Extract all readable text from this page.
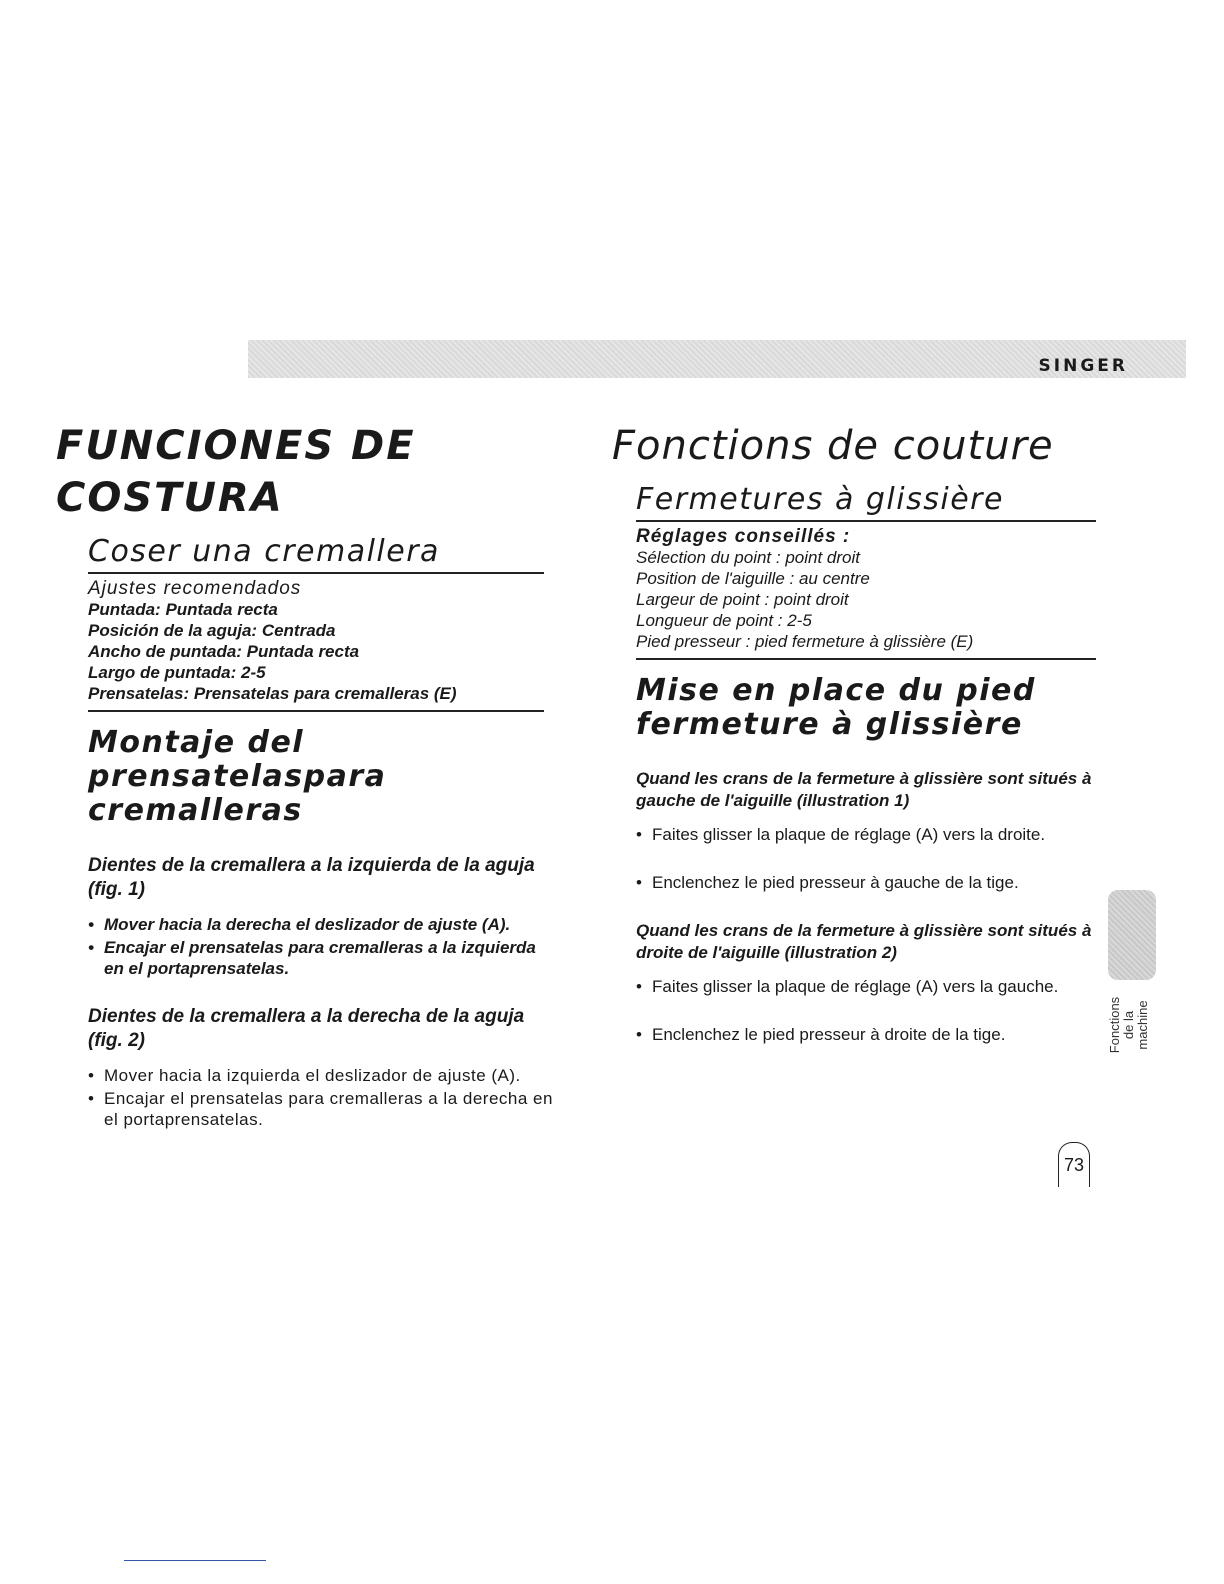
SINGER
FUNCIONES DE COSTURA
Coser una cremallera
Ajustes recomendados
Puntada: Puntada recta
Posición de la aguja: Centrada
Ancho de puntada: Puntada recta
Largo de puntada: 2-5
Prensatelas: Prensatelas para cremalleras (E)
Montaje del prensatelaspara
cremalleras
Dientes de la cremallera a la izquierda de la aguja (fig. 1)
• Mover hacia la derecha el deslizador de ajuste (A).
• Encajar el prensatelas para cremalleras a la izquierda en el portaprensatelas.
Dientes de la cremallera a la derecha de la aguja (fig. 2)
• Mover hacia la izquierda el deslizador de ajuste (A).
• Encajar el prensatelas para cremalleras a la derecha en el portaprensatelas.
Fonctions de couture
Fermetures à glissière
Réglages conseillés :
Sélection du point : point droit
Position de l'aiguille : au centre
Largeur de point : point droit
Longueur de point : 2-5
Pied presseur : pied fermeture à glissière (E)
Mise en place du pied
fermeture à glissière
Quand les crans de la fermeture à glissière sont situés à gauche de l'aiguille (illustration 1)
• Faites glisser la plaque de réglage (A) vers la droite.
• Enclenchez le pied presseur à gauche de la tige.
Quand les crans de la fermeture à glissière sont situés à droite de l'aiguille (illustration 2)
• Faites glisser la plaque de réglage (A) vers la gauche.
• Enclenchez le pied presseur à droite de la tige.	Fonctions de la machine
73
